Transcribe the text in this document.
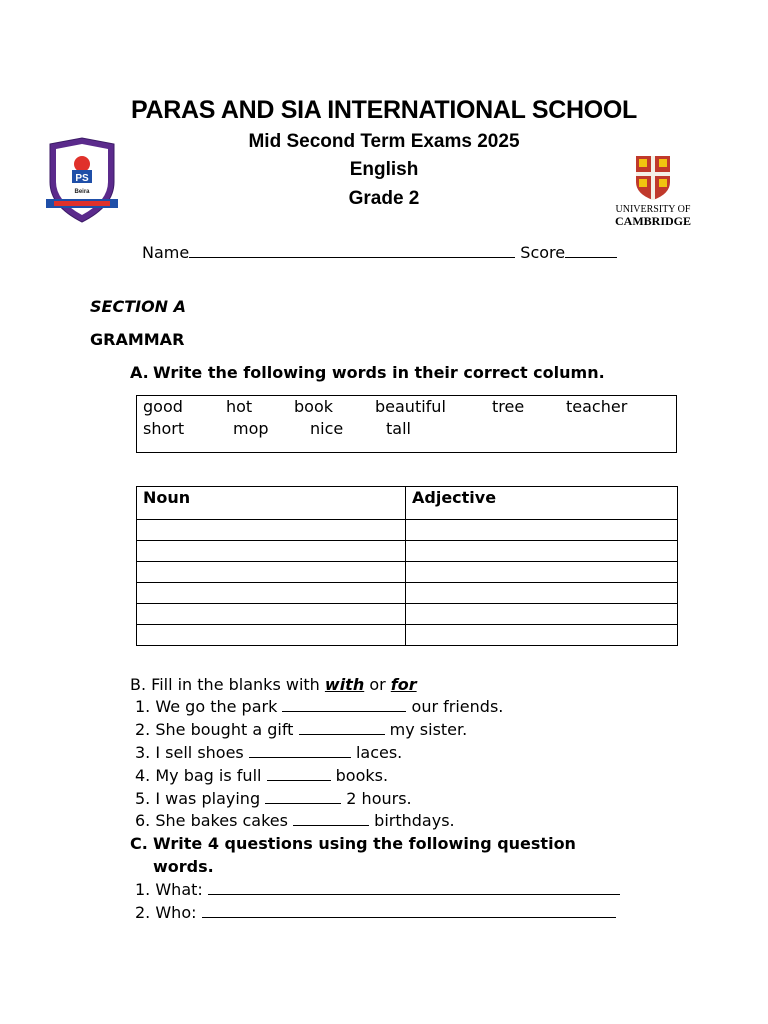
PARAS AND SIA INTERNATIONAL SCHOOL
Mid Second Term Exams 2025
English
Grade 2
PS
Beira
UNIVERSITY OF
CAMBRIDGE
Name	Score
SECTION A
GRAMMAR
A. Write the following words in their correct column.
good	hot	book	beautiful	tree	teacher
short	mop	nice	tall
Noun	Adjective

B. Fill in the blanks with with or for
1. We go the park	our friends.
2. She bought a gift	my sister.
3. I sell shoes	laces.
4. My bag is full	books.
5. I was playing	2 hours.
6. She bakes cakes	birthdays.
C. Write 4 questions using the following question
words.
1. What:
2. Who:
